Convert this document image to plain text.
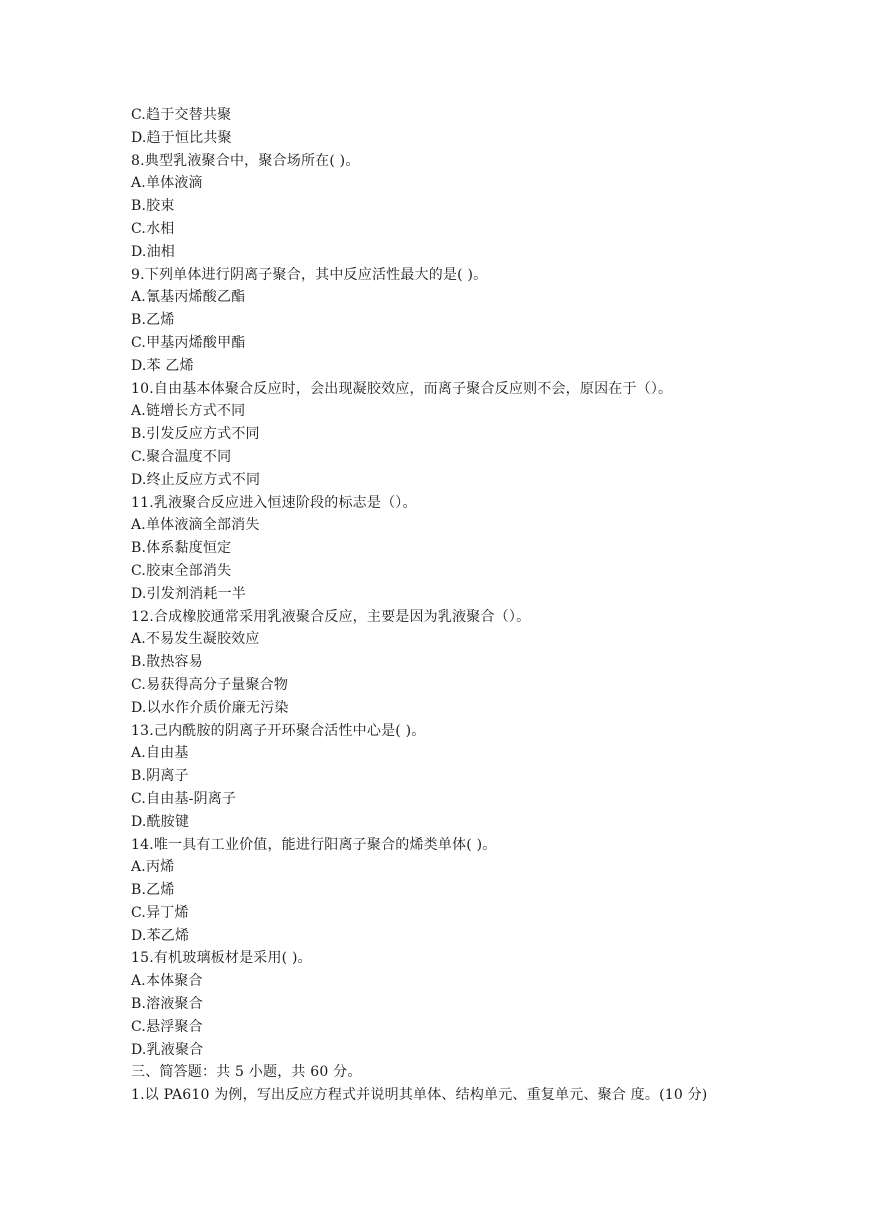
C.趋于交替共聚
D.趋于恒比共聚
8.典型乳液聚合中，聚合场所在( )。
A.单体液滴
B.胶束
C.水相
D.油相
9.下列单体进行阴离子聚合，其中反应活性最大的是( )。
A.氰基丙烯酸乙酯
B.乙烯
C.甲基丙烯酸甲酯
D.苯 乙烯
10.自由基本体聚合反应时，会出现凝胶效应，而离子聚合反应则不会，原因在于（）。
A.链增长方式不同
B.引发反应方式不同
C.聚合温度不同
D.终止反应方式不同
11.乳液聚合反应进入恒速阶段的标志是（）。
A.单体液滴全部消失
B.体系黏度恒定
C.胶束全部消失
D.引发剂消耗一半
12.合成橡胶通常采用乳液聚合反应，主要是因为乳液聚合（）。
A.不易发生凝胶效应
B.散热容易
C.易获得高分子量聚合物
D.以水作介质价廉无污染
13.己内酰胺的阴离子开环聚合活性中心是( )。
A.自由基
B.阴离子
C.自由基-阴离子
D.酰胺键
14.唯一具有工业价值，能进行阳离子聚合的烯类单体( )。
A.丙烯
B.乙烯
C.异丁烯
D.苯乙烯
15.有机玻璃板材是采用( )。
A.本体聚合
B.溶液聚合
C.悬浮聚合
D.乳液聚合
三、简答题：共 5 小题，共 60 分。
1.以 PA610 为例，写出反应方程式并说明其单体、结构单元、重复单元、聚合 度。(10 分)
